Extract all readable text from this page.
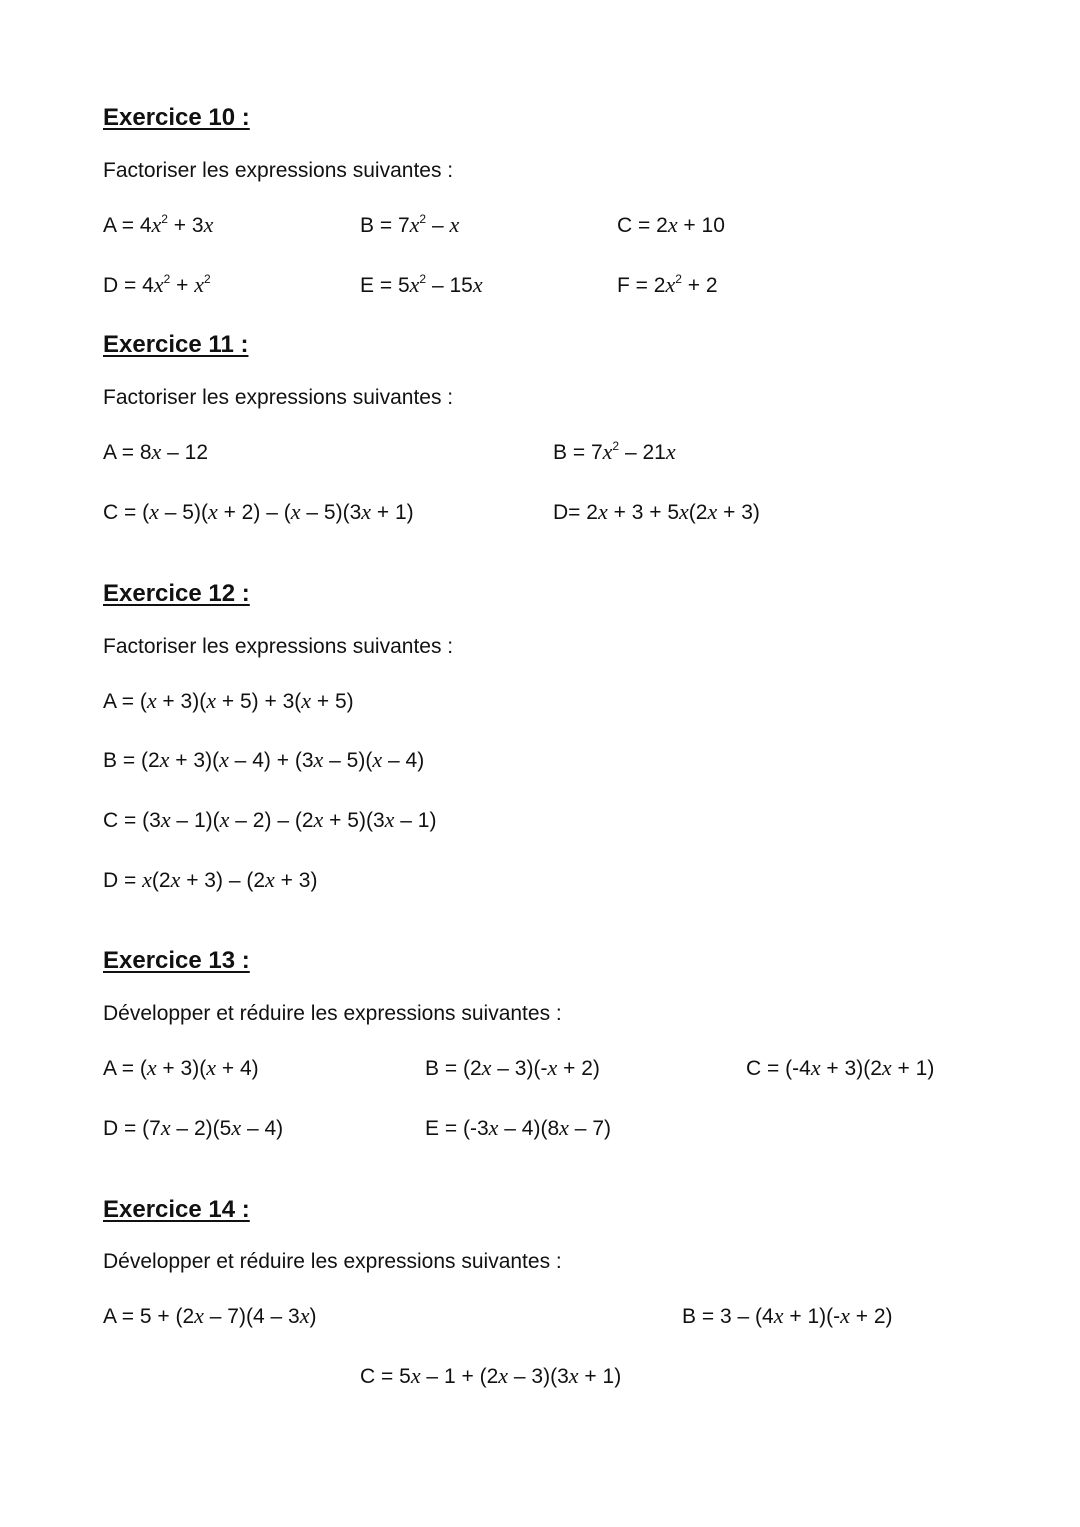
Exercice 10 :
Factoriser les expressions suivantes :
$A = 4x^2 + 3x$	$B = 7x^2 - x$	C = 2x + 10
$D = 4x^2 + x^2$	$E = 5x^2 - 15x$	$F = 2x^2 + 2$
Exercice 11 :
Factoriser les expressions suivantes :
A = 8x – 12	$B = 7x^2 - 21x$
C = (x – 5)(x + 2) – (x – 5)(3x + 1)	D= 2x + 3 + 5x(2x + 3)
Exercice 12 :
Factoriser les expressions suivantes :
A = (x + 3)(x + 5) + 3(x + 5)
B = (2x + 3)(x – 4) + (3x – 5)(x – 4)
C = (3x – 1)(x – 2) – (2x + 5)(3x – 1)
D = x(2x + 3) – (2x + 3)
Exercice 13 :
Développer et réduire les expressions suivantes :
A = (x + 3)(x + 4)	B = (2x – 3)(-x + 2)	C = (-4x + 3)(2x + 1)
D = (7x – 2)(5x – 4)	E = (-3x – 4)(8x – 7)
Exercice 14 :
Développer et réduire les expressions suivantes :
A = 5 + (2x – 7)(4 – 3x)	B = 3 – (4x + 1)(-x + 2)
C = 5x – 1 + (2x – 3)(3x + 1)
